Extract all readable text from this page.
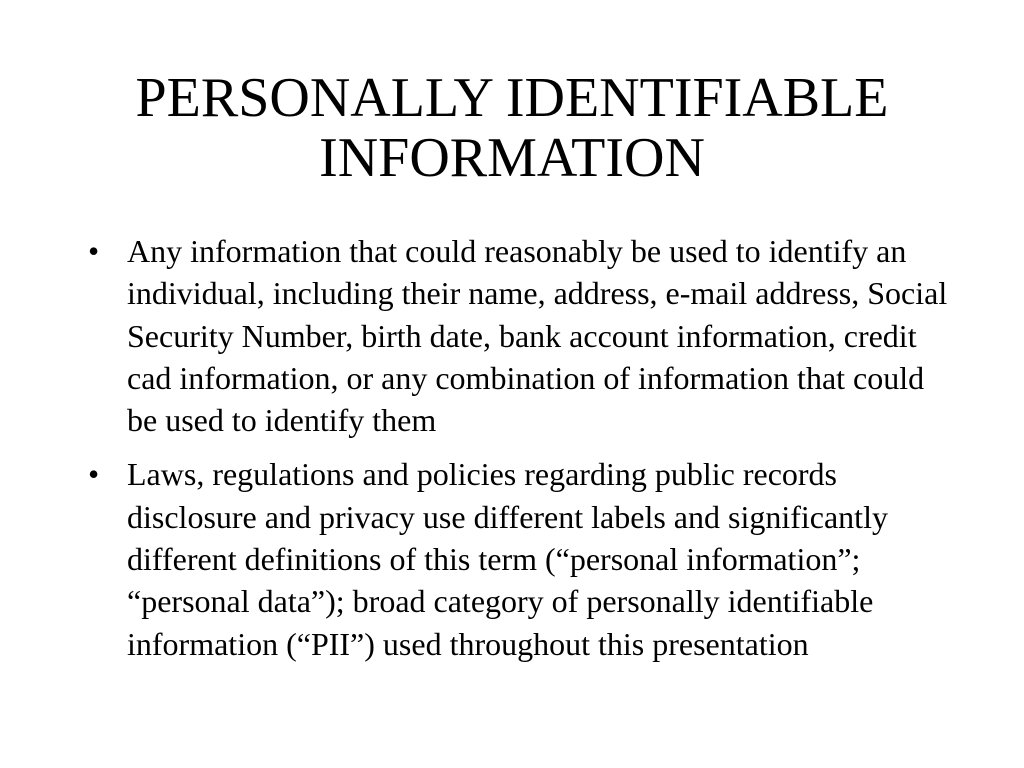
PERSONALLY IDENTIFIABLE INFORMATION
• Any information that could reasonably be used to identify an individual, including their name, address, e-mail address, Social Security Number, birth date, bank account information, credit cad information, or any combination of information that could be used to identify them
• Laws, regulations and policies regarding public records disclosure and privacy use different labels and significantly different definitions of this term (“personal information”; “personal data”); broad category of personally identifiable information (“PII”) used throughout this presentation
